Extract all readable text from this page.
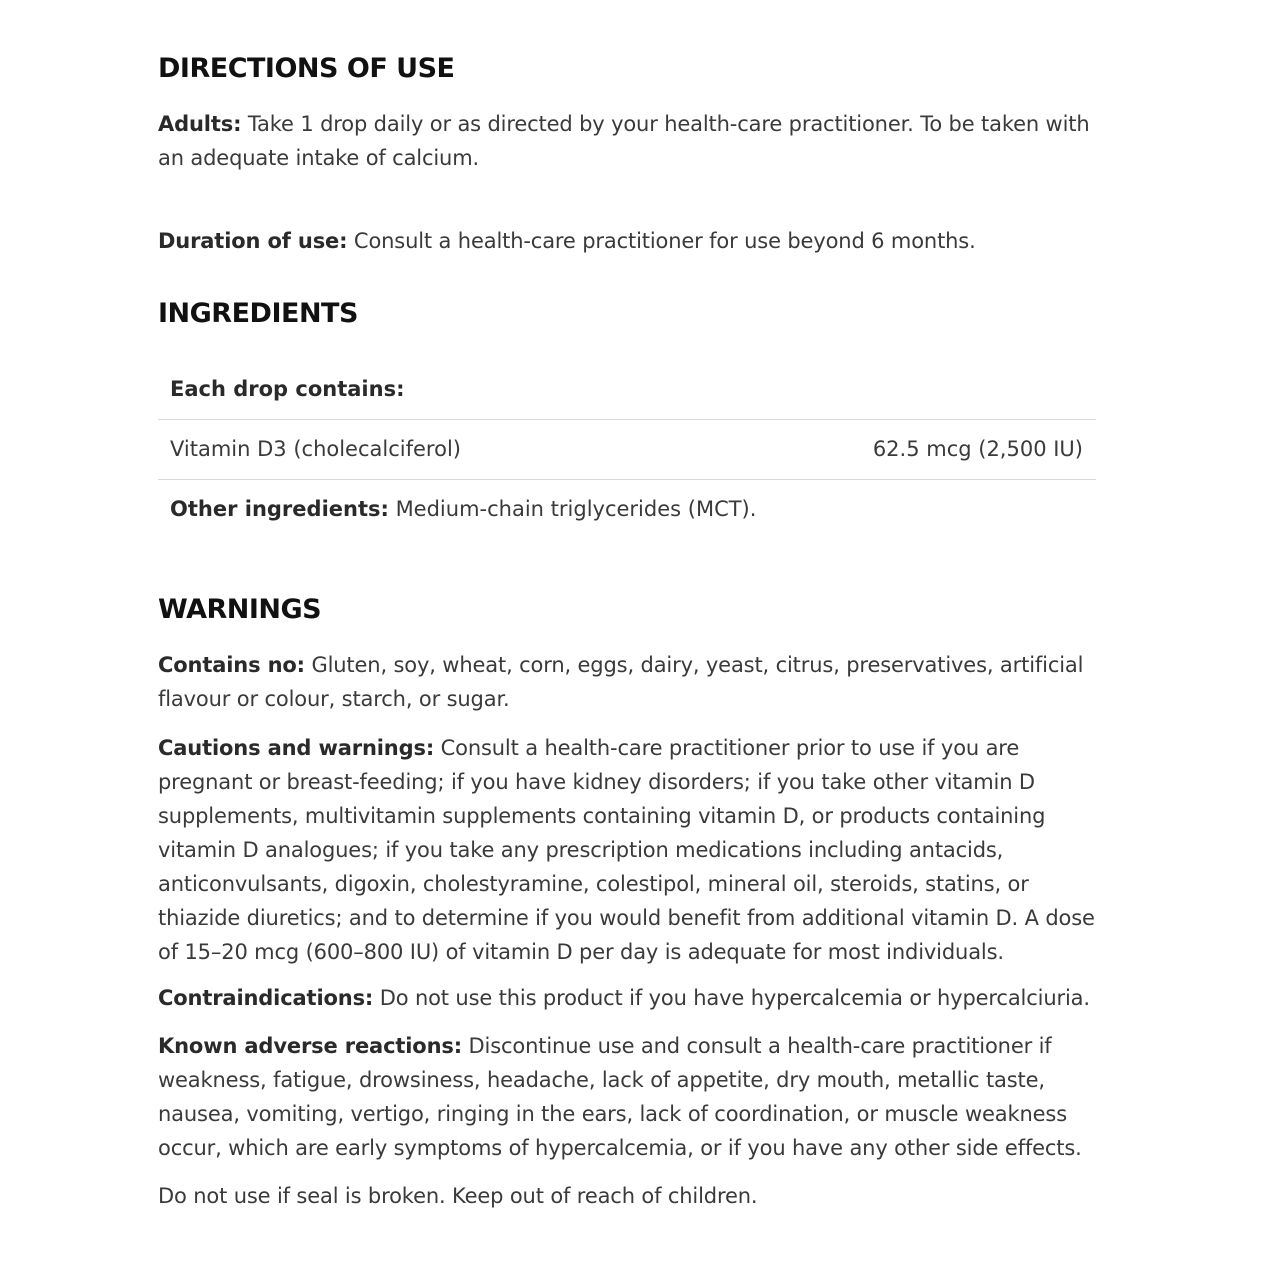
DIRECTIONS OF USE

Adults: Take 1 drop daily or as directed by your health-care practitioner. To be taken with an adequate intake of calcium.

Duration of use: Consult a health-care practitioner for use beyond 6 months.

INGREDIENTS
Each drop contains:
Vitamin D3 (cholecalciferol)	62.5 mcg (2,500 IU)
Other ingredients: Medium-chain triglycerides (MCT).
WARNINGS

Contains no: Gluten, soy, wheat, corn, eggs, dairy, yeast, citrus, preservatives, artificial flavour or colour, starch, or sugar.

Cautions and warnings: Consult a health-care practitioner prior to use if you are pregnant or breast-feeding; if you have kidney disorders; if you take other vitamin D supplements, multivitamin supplements containing vitamin D, or products containing vitamin D analogues; if you take any prescription medications including antacids, anticonvulsants, digoxin, cholestyramine, colestipol, mineral oil, steroids, statins, or thiazide diuretics; and to determine if you would benefit from additional vitamin D. A dose of 15–20 mcg (600–800 IU) of vitamin D per day is adequate for most individuals.

Contraindications: Do not use this product if you have hypercalcemia or hypercalciuria.

Known adverse reactions: Discontinue use and consult a health-care practitioner if weakness, fatigue, drowsiness, headache, lack of appetite, dry mouth, metallic taste, nausea, vomiting, vertigo, ringing in the ears, lack of coordination, or muscle weakness occur, which are early symptoms of hypercalcemia, or if you have any other side effects.

Do not use if seal is broken. Keep out of reach of children.
